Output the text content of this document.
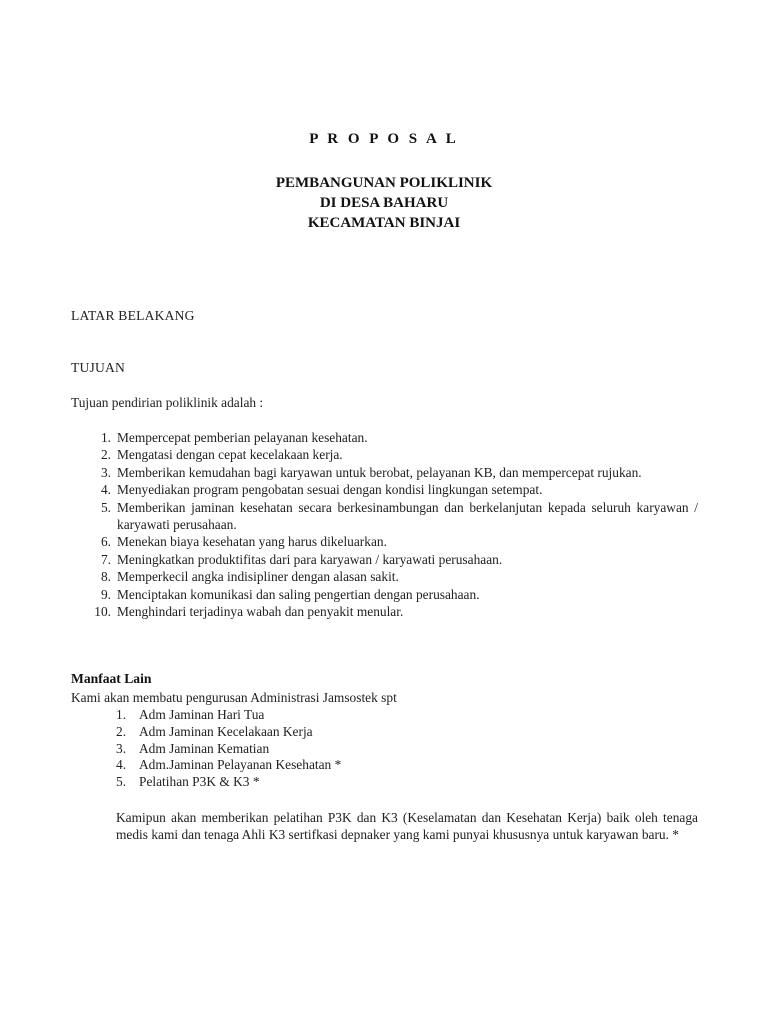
P R O P O S A L
PEMBANGUNAN POLIKLINIK
DI DESA BAHARU
KECAMATAN BINJAI
LATAR BELAKANG
TUJUAN
Tujuan pendirian poliklinik adalah :
1. Mempercepat pemberian pelayanan kesehatan.
2. Mengatasi dengan cepat kecelakaan kerja.
3. Memberikan kemudahan bagi karyawan untuk berobat, pelayanan KB, dan mempercepat rujukan.
4. Menyediakan program pengobatan sesuai dengan kondisi lingkungan setempat.
5. Memberikan jaminan kesehatan secara berkesinambungan dan berkelanjutan kepada seluruh karyawan / karyawati perusahaan.
6. Menekan biaya kesehatan yang harus dikeluarkan.
7. Meningkatkan produktifitas dari para karyawan / karyawati perusahaan.
8. Memperkecil angka indisipliner dengan alasan sakit.
9. Menciptakan komunikasi dan saling pengertian dengan perusahaan.
10. Menghindari terjadinya wabah dan penyakit menular.
Manfaat Lain
Kami akan membatu pengurusan Administrasi Jamsostek spt
1. Adm Jaminan Hari Tua
2. Adm Jaminan Kecelakaan Kerja
3. Adm Jaminan Kematian
4. Adm.Jaminan Pelayanan Kesehatan *
5. Pelatihan P3K & K3 *
Kamipun akan memberikan pelatihan P3K dan K3 (Keselamatan dan Kesehatan Kerja) baik oleh tenaga medis kami dan tenaga Ahli K3 sertifkasi depnaker yang kami punyai khususnya untuk karyawan baru. *
